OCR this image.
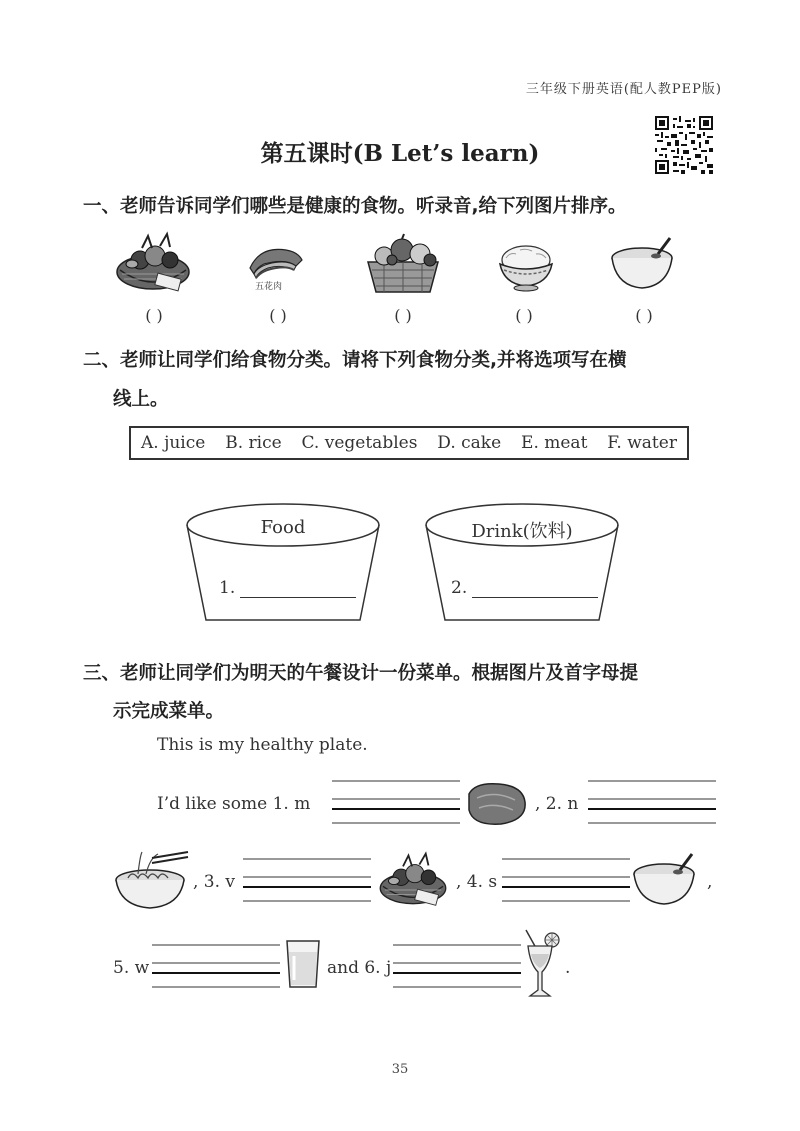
三年级下册英语(配人教PEP版)
第五课时(B Let’s learn)
一、老师告诉同学们哪些是健康的食物。听录音,给下列图片排序。
五花肉
( )	( )	( )	( )	( )
二、老师让同学们给食物分类。请将下列食物分类,并将选项写在横
线上。
A. juice B. rice C. vegetables D. cake E. meat F. water
Food
1.
Drink(饮料)
2.
三、老师让同学们为明天的午餐设计一份菜单。根据图片及首字母提
示完成菜单。
This is my healthy plate.
I’d like some 1. m	, 2. n
, 3. v	, 4. s	,
5. w	and 6. j	.
35
